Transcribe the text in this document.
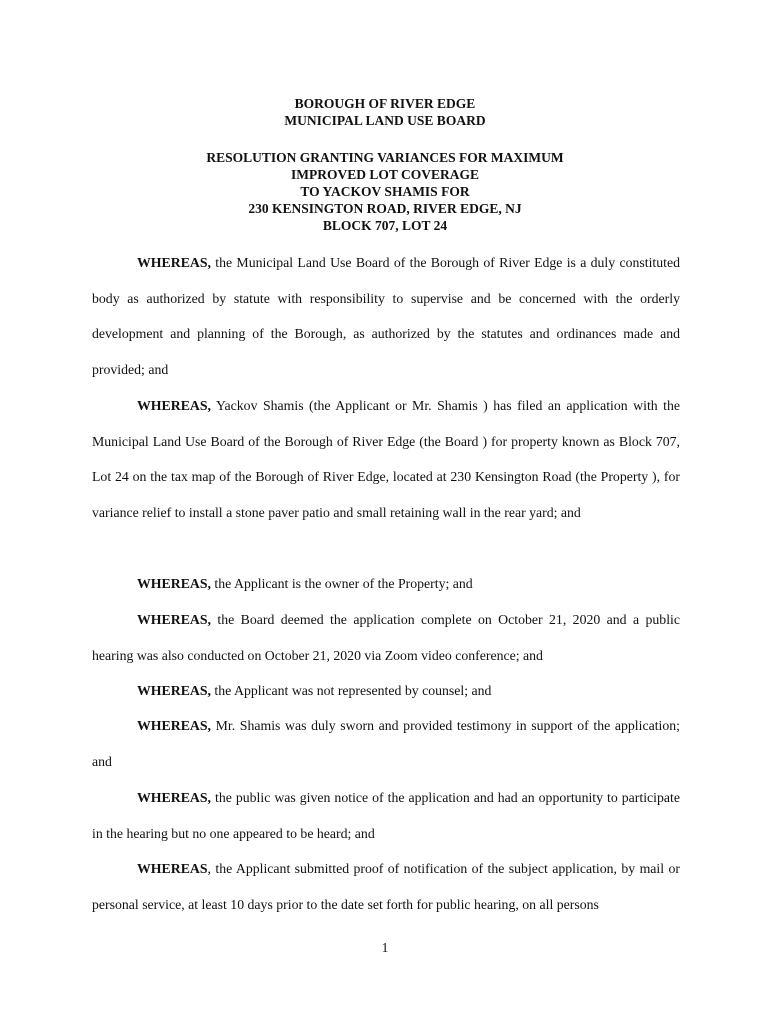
BOROUGH OF RIVER EDGE
MUNICIPAL LAND USE BOARD
RESOLUTION GRANTING VARIANCES FOR MAXIMUM
IMPROVED LOT COVERAGE
TO YACKOV SHAMIS FOR
230 KENSINGTON ROAD, RIVER EDGE, NJ
BLOCK 707, LOT 24

WHEREAS, the Municipal Land Use Board of the Borough of River Edge is a duly constituted body as authorized by statute with responsibility to supervise and be concerned with the orderly development and planning of the Borough, as authorized by the statutes and ordinances made and provided; and

WHEREAS, Yackov Shamis (the Applicant or Mr. Shamis ) has filed an application with the Municipal Land Use Board of the Borough of River Edge (the Board ) for property known as Block 707, Lot 24 on the tax map of the Borough of River Edge, located at 230 Kensington Road (the Property ), for variance relief to install a stone paver patio and small retaining wall in the rear yard; and

WHEREAS, the Applicant is the owner of the Property; and

WHEREAS, the Board deemed the application complete on October 21, 2020 and a public hearing was also conducted on October 21, 2020 via Zoom video conference; and

WHEREAS, the Applicant was not represented by counsel; and

WHEREAS, Mr. Shamis was duly sworn and provided testimony in support of the application; and

WHEREAS, the public was given notice of the application and had an opportunity to participate in the hearing but no one appeared to be heard; and

WHEREAS, the Applicant submitted proof of notification of the subject application, by mail or personal service, at least 10 days prior to the date set forth for public hearing, on all persons

1
